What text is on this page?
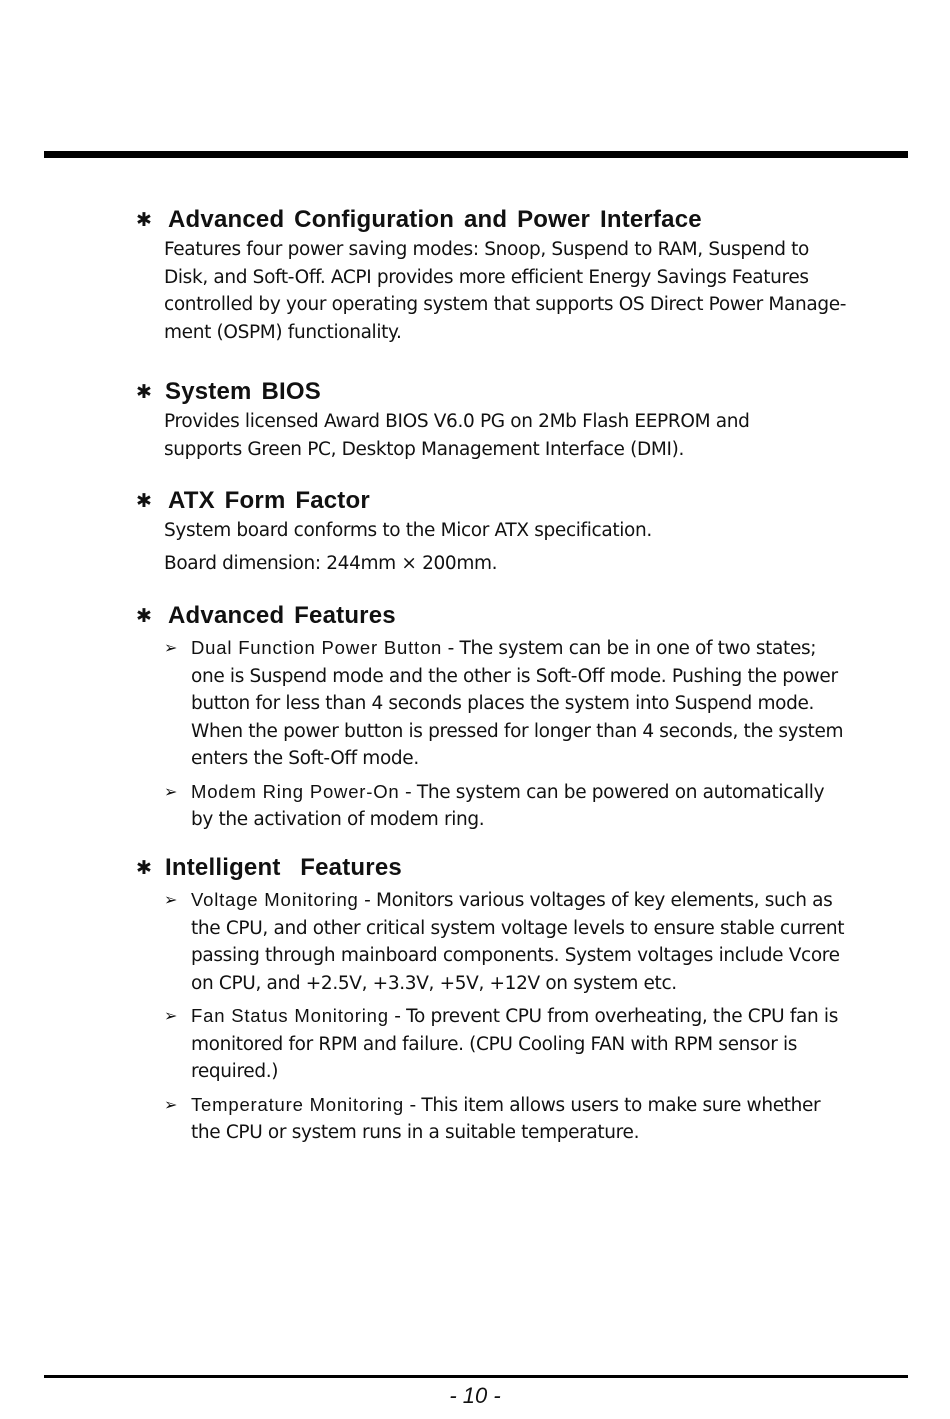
✱ Advanced Configuration and Power Interface
Features four power saving modes: Snoop, Suspend to RAM, Suspend to
Disk, and Soft-Off. ACPI provides more efficient Energy Savings Features
controlled by your operating system that supports OS Direct Power Manage-
ment (OSPM) functionality.
✱ System BIOS
Provides licensed Award BIOS V6.0 PG on 2Mb Flash EEPROM and
supports Green PC, Desktop Management Interface (DMI).
✱ ATX Form Factor
System board conforms to the Micor ATX specification.
Board dimension: 244mm × 200mm.
✱ Advanced Features
➢ Dual Function Power Button - The system can be in one of two states;
one is Suspend mode and the other is Soft-Off mode. Pushing the power
button for less than 4 seconds places the system into Suspend mode.
When the power button is pressed for longer than 4 seconds, the system
enters the Soft-Off mode.
➢ Modem Ring Power-On - The system can be powered on automatically
by the activation of modem ring.
✱ Intelligent  Features
➢ Voltage Monitoring - Monitors various voltages of key elements, such as
the CPU, and other critical system voltage levels to ensure stable current
passing through mainboard components. System voltages include Vcore
on CPU, and +2.5V, +3.3V, +5V, +12V on system etc.
➢ Fan Status Monitoring - To prevent CPU from overheating, the CPU fan is
monitored for RPM and failure. (CPU Cooling FAN with RPM sensor is
required.)
➢ Temperature Monitoring - This item allows users to make sure whether
the CPU or system runs in a suitable temperature.
- 10 -
